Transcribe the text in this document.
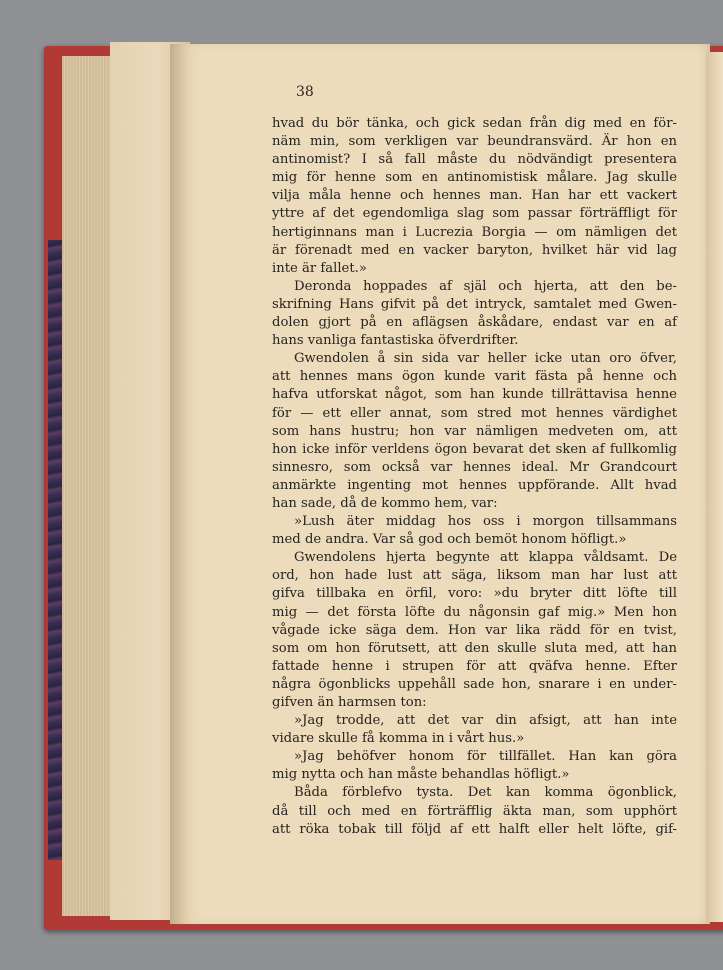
38
hvad du bör tänka, och gick sedan från dig med en för-
näm min, som verkligen var beundransvärd. Är hon en
antinomist? I så fall måste du nödvändigt presentera
mig för henne som en antinomistisk målare. Jag skulle
vilja måla henne och hennes man. Han har ett vackert
yttre af det egendomliga slag som passar förträffligt för
hertiginnans man i Lucrezia Borgia — om nämligen det
är förenadt med en vacker baryton, hvilket här vid lag
inte är fallet.»
Deronda hoppades af själ och hjerta, att den be-
skrifning Hans gifvit på det intryck, samtalet med Gwen-
dolen gjort på en aflägsen åskådare, endast var en af
hans vanliga fantastiska öfverdrifter.
Gwendolen å sin sida var heller icke utan oro öfver,
att hennes mans ögon kunde varit fästa på henne och
hafva utforskat något, som han kunde tillrättavisa henne
för — ett eller annat, som stred mot hennes värdighet
som hans hustru; hon var nämligen medveten om, att
hon icke inför verldens ögon bevarat det sken af fullkomlig
sinnesro, som också var hennes ideal. Mr Grandcourt
anmärkte ingenting mot hennes uppförande. Allt hvad
han sade, då de kommo hem, var:
»Lush äter middag hos oss i morgon tillsammans
med de andra. Var så god och bemöt honom höfligt.»
Gwendolens hjerta begynte att klappa våldsamt. De
ord, hon hade lust att säga, liksom man har lust att
gifva tillbaka en örfil, voro: »du bryter ditt löfte till
mig — det första löfte du någonsin gaf mig.» Men hon
vågade icke säga dem. Hon var lika rädd för en tvist,
som om hon förutsett, att den skulle sluta med, att han
fattade henne i strupen för att qväfva henne. Efter
några ögonblicks uppehåll sade hon, snarare i en under-
gifven än harmsen ton:
»Jag trodde, att det var din afsigt, att han inte
vidare skulle få komma in i vårt hus.»
»Jag behöfver honom för tillfället. Han kan göra
mig nytta och han måste behandlas höfligt.»
Båda förblefvo tysta. Det kan komma ögonblick,
då till och med en förträfflig äkta man, som upphört
att röka tobak till följd af ett halft eller helt löfte, gif-
